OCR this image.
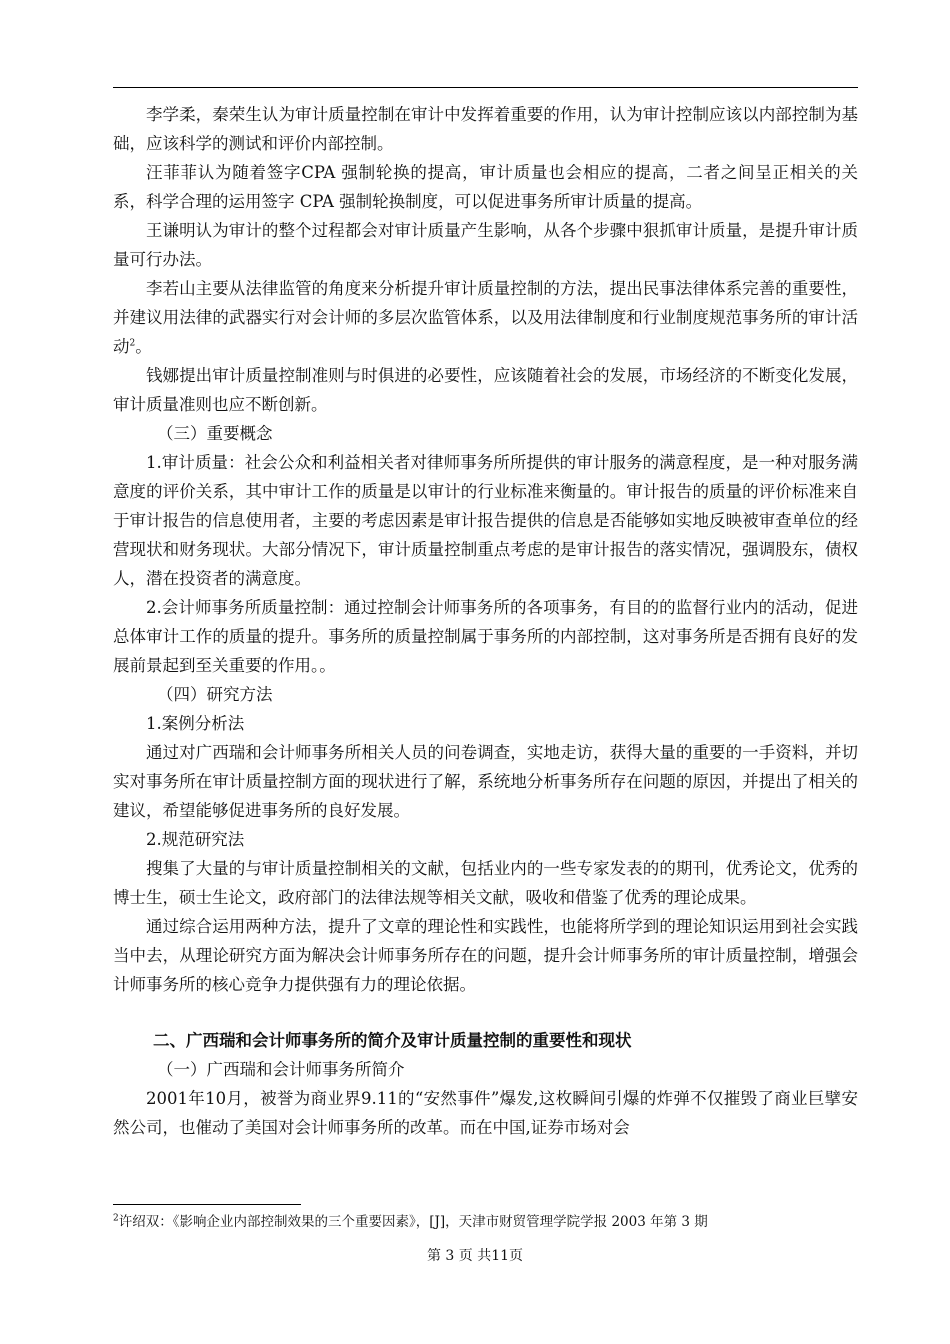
李学柔，秦荣生认为审计质量控制在审计中发挥着重要的作用，认为审计控制应该以内部控制为基础，应该科学的测试和评价内部控制。

汪菲菲认为随着签字CPA 强制轮换的提高，审计质量也会相应的提高，二者之间呈正相关的关系，科学合理的运用签字 CPA 强制轮换制度，可以促进事务所审计质量的提高。

王谦明认为审计的整个过程都会对审计质量产生影响，从各个步骤中狠抓审计质量，是提升审计质量可行办法。

李若山主要从法律监管的角度来分析提升审计质量控制的方法，提出民事法律体系完善的重要性，并建议用法律的武器实行对会计师的多层次监管体系，以及用法律制度和行业制度规范事务所的审计活动$^2$。

钱娜提出审计质量控制准则与时俱进的必要性，应该随着社会的发展，市场经济的不断变化发展，审计质量准则也应不断创新。

（三）重要概念

1.审计质量：社会公众和利益相关者对律师事务所所提供的审计服务的满意程度，是一种对服务满意度的评价关系，其中审计工作的质量是以审计的行业标准来衡量的。审计报告的质量的评价标准来自于审计报告的信息使用者，主要的考虑因素是审计报告提供的信息是否能够如实地反映被审查单位的经营现状和财务现状。大部分情况下，审计质量控制重点考虑的是审计报告的落实情况，强调股东，债权人，潜在投资者的满意度。

2.会计师事务所质量控制：通过控制会计师事务所的各项事务，有目的的监督行业内的活动，促进总体审计工作的质量的提升。事务所的质量控制属于事务所的内部控制，这对事务所是否拥有良好的发展前景起到至关重要的作用。。

（四）研究方法

1.案例分析法

通过对广西瑞和会计师事务所相关人员的问卷调查，实地走访，获得大量的重要的一手资料，并切实对事务所在审计质量控制方面的现状进行了解，系统地分析事务所存在问题的原因，并提出了相关的建议，希望能够促进事务所的良好发展。

2.规范研究法

搜集了大量的与审计质量控制相关的文献，包括业内的一些专家发表的的期刊，优秀论文，优秀的博士生，硕士生论文，政府部门的法律法规等相关文献，吸收和借鉴了优秀的理论成果。

通过综合运用两种方法，提升了文章的理论性和实践性，也能将所学到的理论知识运用到社会实践当中去，从理论研究方面为解决会计师事务所存在的问题，提升会计师事务所的审计质量控制，增强会计师事务所的核心竞争力提供强有力的理论依据。

二、广西瑞和会计师事务所的简介及审计质量控制的重要性和现状

（一）广西瑞和会计师事务所简介

2001年10月，被誉为商业界9.11的“安然事件”爆发,这枚瞬间引爆的炸弹不仅摧毁了商业巨擘安然公司，也催动了美国对会计师事务所的改革。而在中国,证券市场对会

$^2$许绍双：《影响企业内部控制效果的三个重要因素》，[J]，天津市财贸管理学院学报 2003 年第 3 期
第 3 页 共11页
